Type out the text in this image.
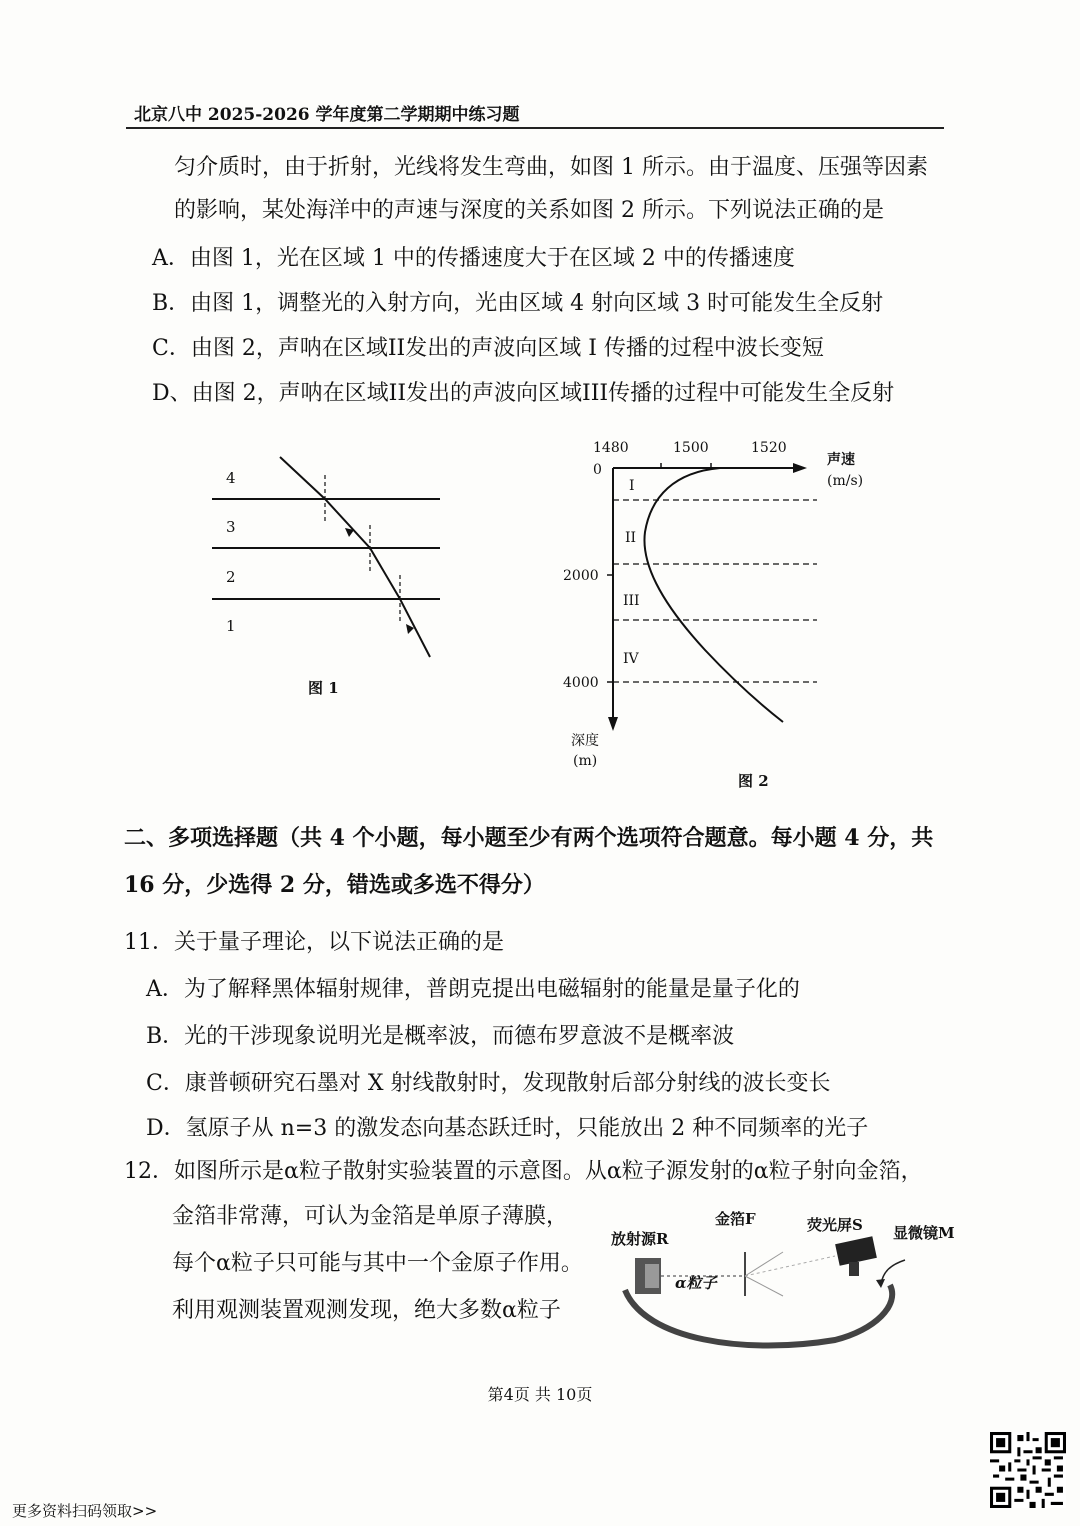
北京八中 2025-2026 学年度第二学期期中练习题
匀介质时，由于折射，光线将发生弯曲，如图 1 所示。由于温度、压强等因素
的影响，某处海洋中的声速与深度的关系如图 2 所示。下列说法正确的是
A．由图 1，光在区域 1 中的传播速度大于在区域 2 中的传播速度
B．由图 1，调整光的入射方向，光由区域 4 射向区域 3 时可能发生全反射
C．由图 2，声呐在区域II发出的声波向区域 I 传播的过程中波长变短
D、由图 2，声呐在区域II发出的声波向区域III传播的过程中可能发生全反射
4
3
2
1
图 1
1480	1500	1520
声速
(m/s)
0
2000
4000
深度
(m)
I
II
III
IV
图 2
二、多项选择题（共 4 个小题，每小题至少有两个选项符合题意。每小题 4 分，共
16 分，少选得 2 分，错选或多选不得分）
11．关于量子理论，以下说法正确的是
A．为了解释黑体辐射规律，普朗克提出电磁辐射的能量是量子化的
B．光的干涉现象说明光是概率波，而德布罗意波不是概率波
C．康普顿研究石墨对 X 射线散射时，发现散射后部分射线的波长变长
D．氢原子从 n=3 的激发态向基态跃迁时，只能放出 2 种不同频率的光子
12．如图所示是α粒子散射实验装置的示意图。从α粒子源发射的α粒子射向金箔，
金箔非常薄，可认为金箔是单原子薄膜，
每个α粒子只可能与其中一个金原子作用。
利用观测装置观测发现，绝大多数α粒子
放射源R
金箔F	荧光屏S 显微镜M
α粒子
第4页 共 10页
更多资料扫码领取>>
